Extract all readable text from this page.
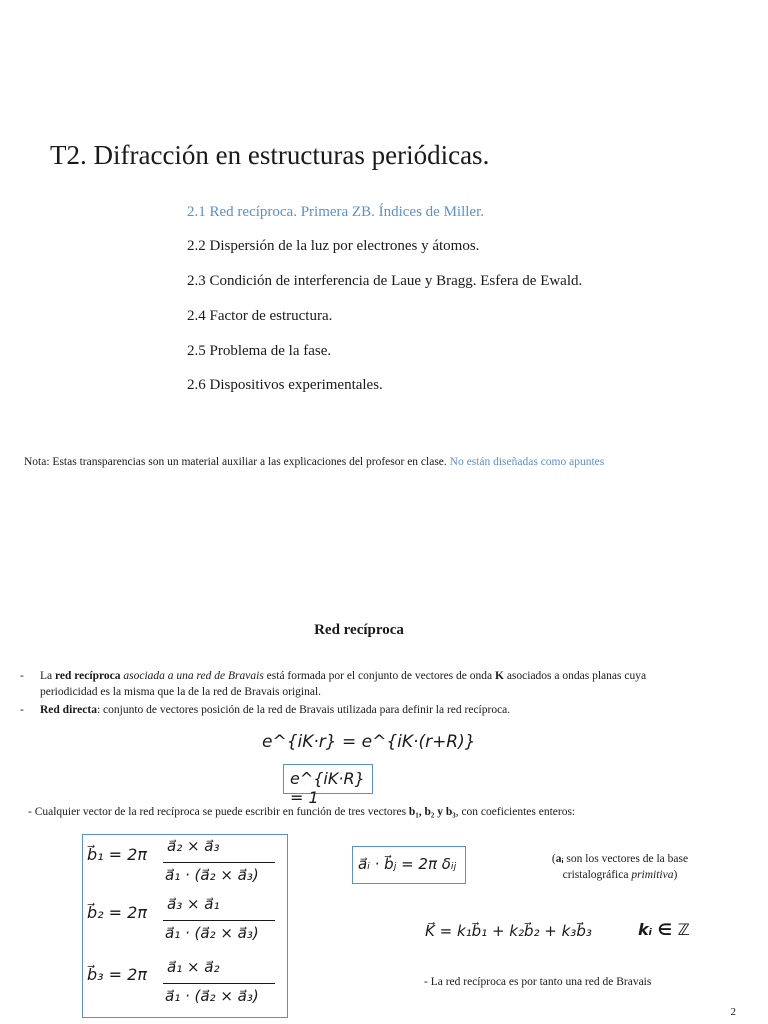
T2. Difracción en estructuras periódicas.
2.1 Red recíproca. Primera ZB. Índices de Miller.
2.2 Dispersión de la luz por electrones y átomos.
2.3 Condición de interferencia de Laue y Bragg. Esfera de Ewald.
2.4 Factor de estructura.
2.5 Problema de la fase.
2.6 Dispositivos experimentales.
Nota: Estas transparencias son un material auxiliar a las explicaciones del profesor en clase. No están diseñadas como apuntes
Red recíproca
- La red recíproca asociada a una red de Bravais está formada por el conjunto de vectores de onda K asociados a ondas planas cuya periodicidad es la misma que la de la red de Bravais original.
- Red directa: conjunto de vectores posición de la red de Bravais utilizada para definir la red recíproca.
e^{iK·r} = e^{iK·(r+R)}
e^{iK·R} = 1
- Cualquier vector de la red recíproca se puede escribir en función de tres vectores b₁, b₂ y b₃, con coeficientes enteros:
b⃗₁ = 2π a⃗₂ × a⃗₃
a⃗₁ · (a⃗₂ × a⃗₃)
b⃗₂ = 2π a⃗₃ × a⃗₁
a⃗₁ · (a⃗₂ × a⃗₃)
b⃗₃ = 2π a⃗₁ × a⃗₂
a⃗₁ · (a⃗₂ × a⃗₃)
a⃗ᵢ · b⃗ⱼ = 2π δᵢⱼ	(aᵢ son los vectores de la base cristalográfica primitiva)
K⃗ = k₁b⃗₁ + k₂b⃗₂ + k₃b⃗₃	kᵢ ∈ ℤ
- La red recíproca es por tanto una red de Bravais
2
